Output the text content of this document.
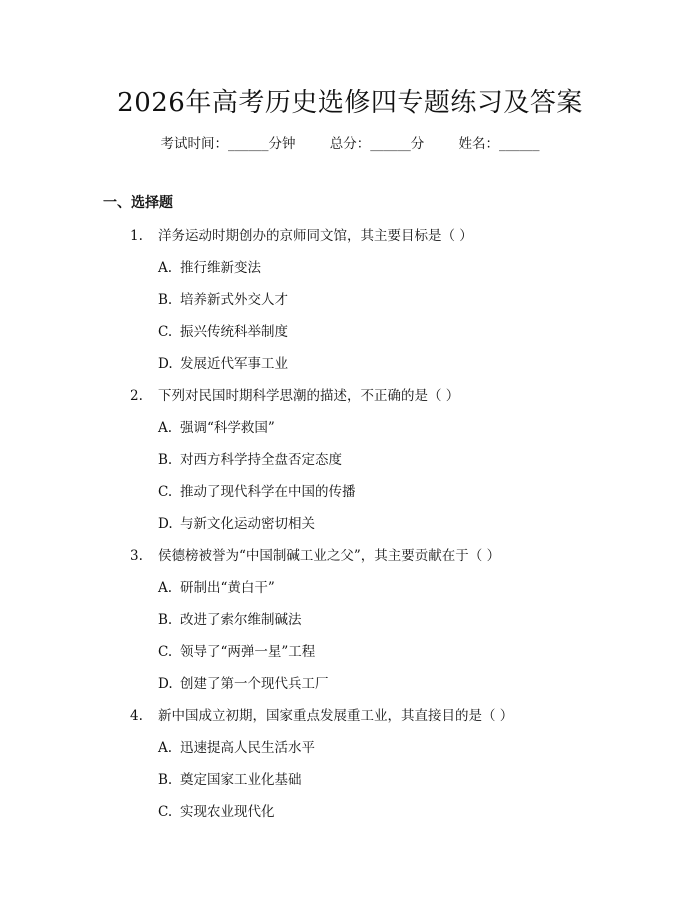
2026年高考历史选修四专题练习及答案
考试时间：______分钟	总分：______分	姓名：______
一、选择题
1. 洋务运动时期创办的京师同文馆，其主要目标是（ ）
A. 推行维新变法
B. 培养新式外交人才
C. 振兴传统科举制度
D. 发展近代军事工业
2. 下列对民国时期科学思潮的描述，不正确的是（ ）
A. 强调“科学救国”
B. 对西方科学持全盘否定态度
C. 推动了现代科学在中国的传播
D. 与新文化运动密切相关
3. 侯德榜被誉为“中国制碱工业之父”，其主要贡献在于（ ）
A. 研制出“黄白干”
B. 改进了索尔维制碱法
C. 领导了“两弹一星”工程
D. 创建了第一个现代兵工厂
4. 新中国成立初期，国家重点发展重工业，其直接目的是（ ）
A. 迅速提高人民生活水平
B. 奠定国家工业化基础
C. 实现农业现代化
